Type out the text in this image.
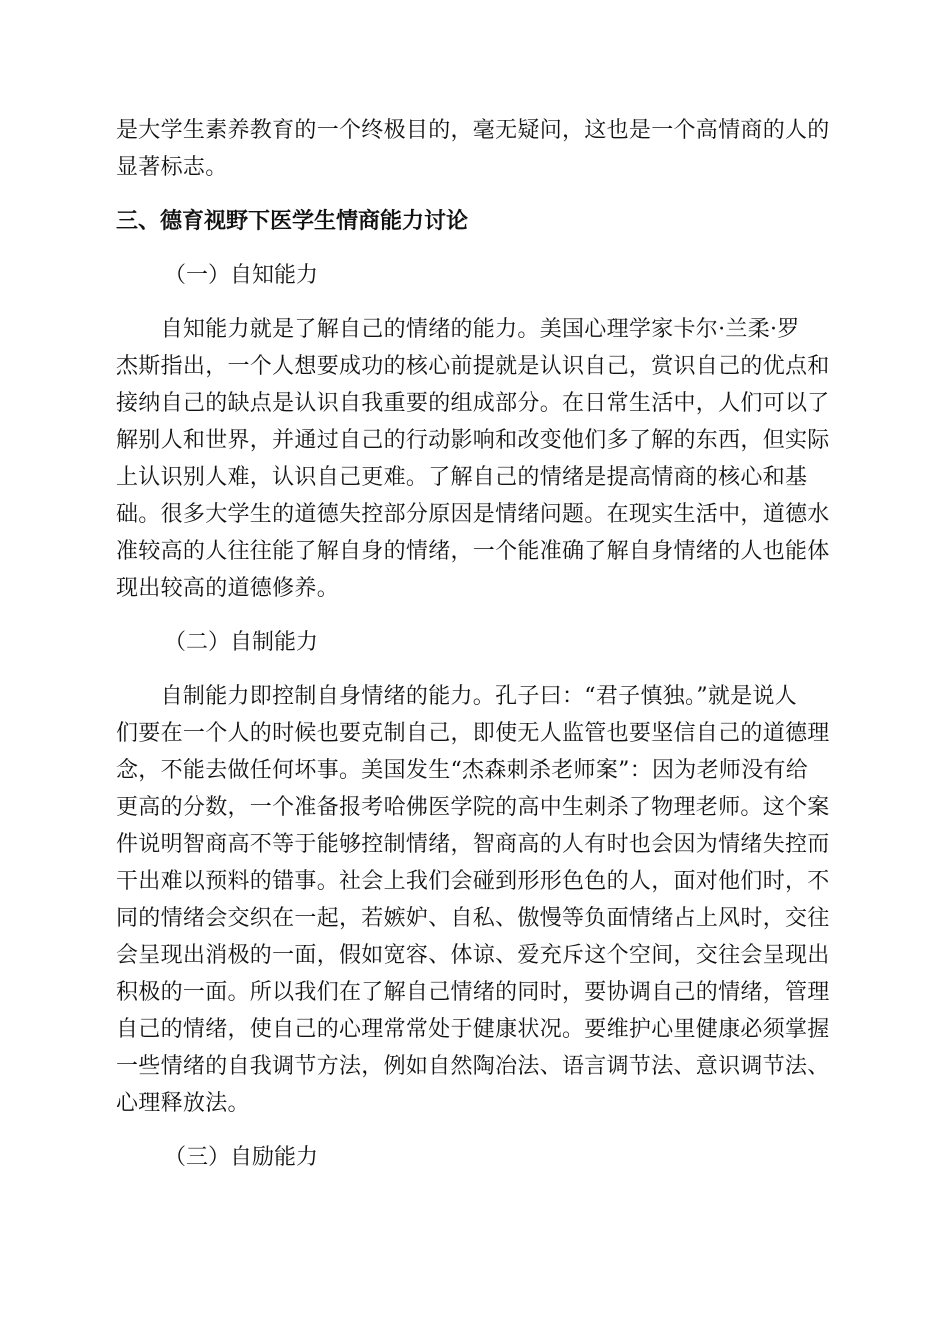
是大学生素养教育的一个终极目的，毫无疑问，这也是一个高情商的人的
显著标志。
三、德育视野下医学生情商能力讨论
（一）自知能力
　　自知能力就是了解自己的情绪的能力。美国心理学家卡尔·兰柔·罗
杰斯指出，一个人想要成功的核心前提就是认识自己，赏识自己的优点和
接纳自己的缺点是认识自我重要的组成部分。在日常生活中，人们可以了
解别人和世界，并通过自己的行动影响和改变他们多了解的东西，但实际
上认识别人难，认识自己更难。了解自己的情绪是提高情商的核心和基
础。很多大学生的道德失控部分原因是情绪问题。在现实生活中，道德水
准较高的人往往能了解自身的情绪，一个能准确了解自身情绪的人也能体
现出较高的道德修养。
（二）自制能力
　　自制能力即控制自身情绪的能力。孔子曰：“君子慎独。”就是说人
们要在一个人的时候也要克制自己，即使无人监管也要坚信自己的道德理
念，不能去做任何坏事。美国发生“杰森刺杀老师案”：因为老师没有给
更高的分数，一个准备报考哈佛医学院的高中生刺杀了物理老师。这个案
件说明智商高不等于能够控制情绪，智商高的人有时也会因为情绪失控而
干出难以预料的错事。社会上我们会碰到形形色色的人，面对他们时，不
同的情绪会交织在一起，若嫉妒、自私、傲慢等负面情绪占上风时，交往
会呈现出消极的一面，假如宽容、体谅、爱充斥这个空间，交往会呈现出
积极的一面。所以我们在了解自己情绪的同时，要协调自己的情绪，管理
自己的情绪，使自己的心理常常处于健康状况。要维护心里健康必须掌握
一些情绪的自我调节方法，例如自然陶冶法、语言调节法、意识调节法、
心理释放法。
（三）自励能力
